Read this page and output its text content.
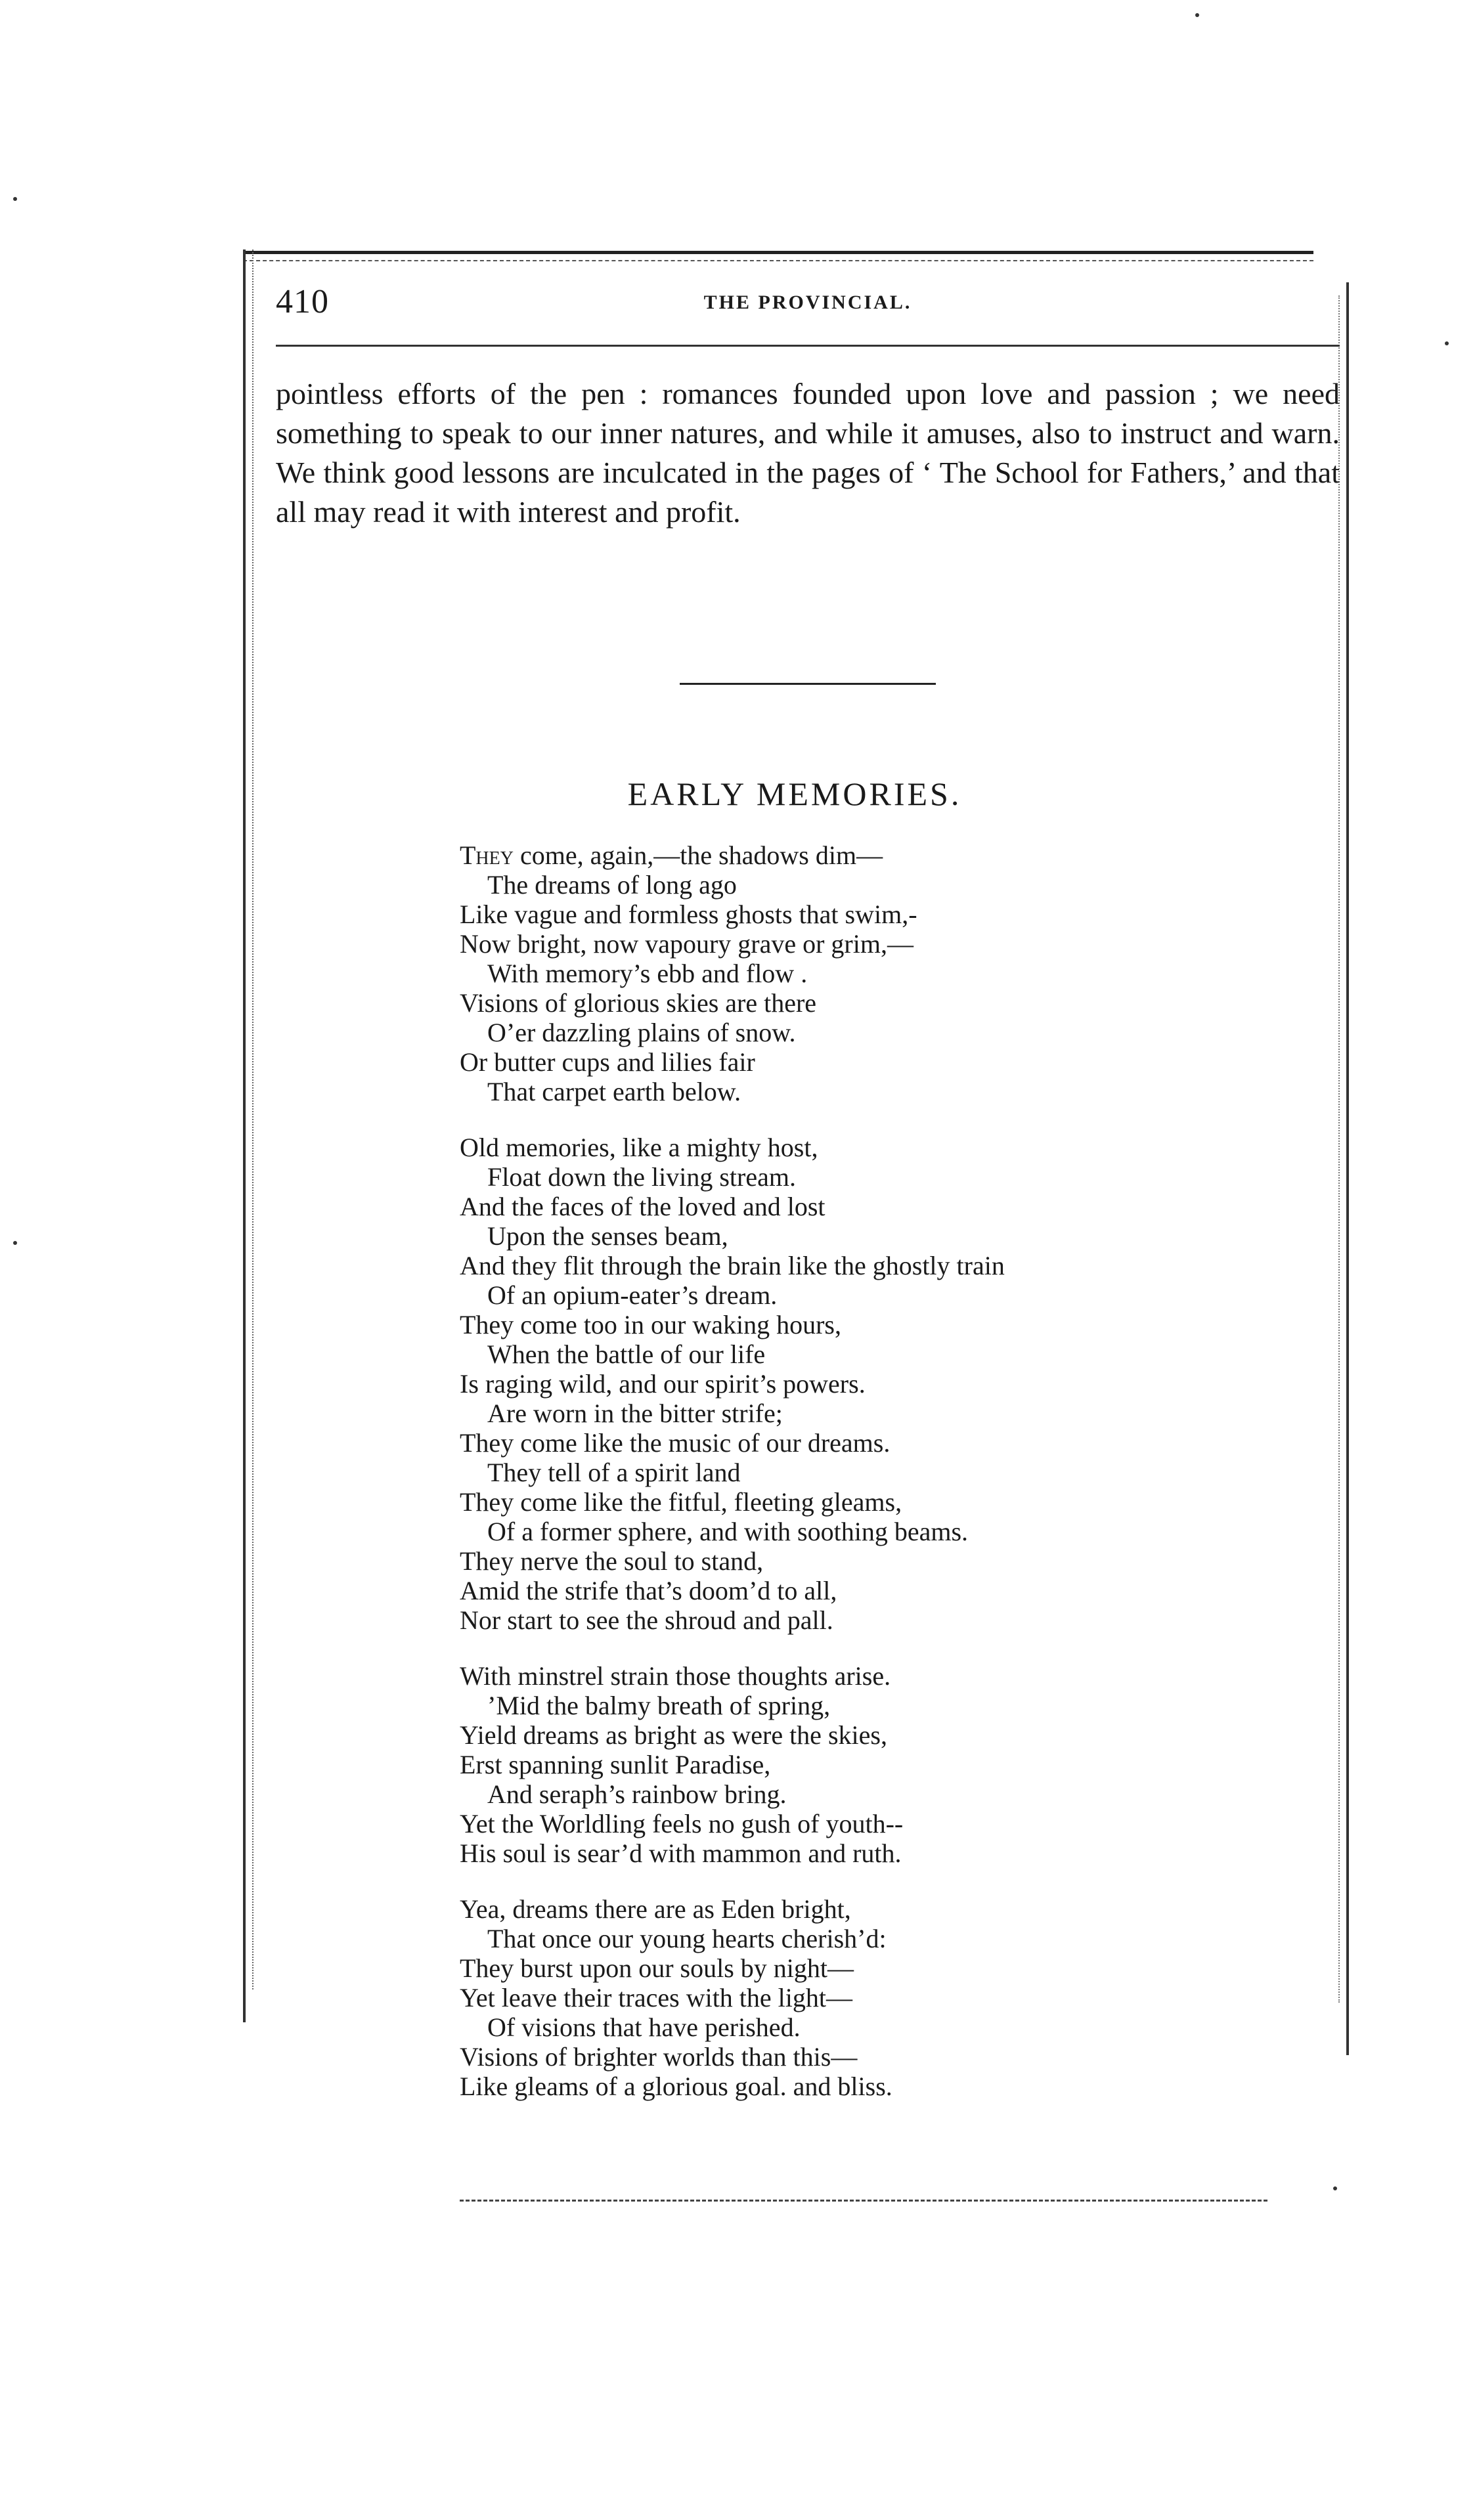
410	THE PROVINCIAL.

pointless efforts of the pen : romances founded upon love and passion ; we need something to speak to our inner natures, and while it amuses, also to instruct and warn. We think good lessons are inculcated in the pages of ‘ The School for Fathers,’ and that all may read it with interest and profit.

EARLY MEMORIES.
They come, again,—the shadows dim—
The dreams of long ago
Like vague and formless ghosts that swim,-
Now bright, now vapoury grave or grim,—
With memory’s ebb and flow .
Visions of glorious skies are there
O’er dazzling plains of snow.
Or butter cups and lilies fair
That carpet earth below.
Old memories, like a mighty host,
Float down the living stream.
And the faces of the loved and lost
Upon the senses beam,
And they flit through the brain like the ghostly train
Of an opium-eater’s dream.
They come too in our waking hours,
When the battle of our life
Is raging wild, and our spirit’s powers.
Are worn in the bitter strife;
They come like the music of our dreams.
They tell of a spirit land
They come like the fitful, fleeting gleams,
Of a former sphere, and with soothing beams.
They nerve the soul to stand,
Amid the strife that’s doom’d to all,
Nor start to see the shroud and pall.
With minstrel strain those thoughts arise.
’Mid the balmy breath of spring,
Yield dreams as bright as were the skies,
Erst spanning sunlit Paradise,
And seraph’s rainbow bring.
Yet the Worldling feels no gush of youth--
His soul is sear’d with mammon and ruth.
Yea, dreams there are as Eden bright,
That once our young hearts cherish’d:
They burst upon our souls by night—
Yet leave their traces with the light—
Of visions that have perished.
Visions of brighter worlds than this—
Like gleams of a glorious goal. and bliss.
